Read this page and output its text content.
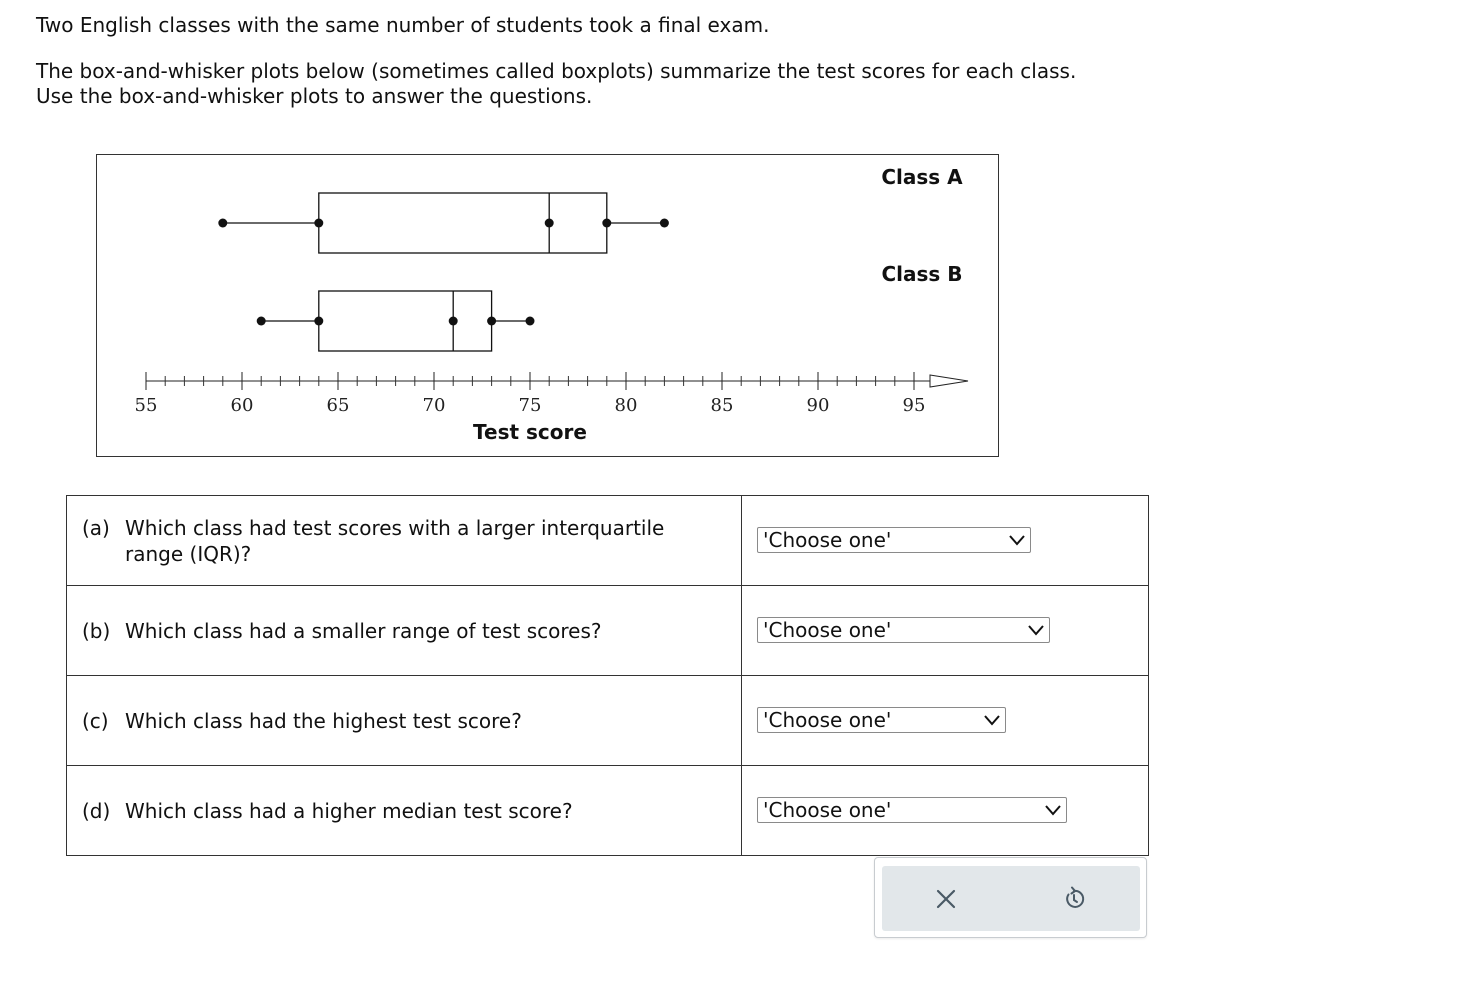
Two English classes with the same number of students took a final exam.

The box-and-whisker plots below (sometimes called boxplots) summarize the test scores for each class.

Use the box-and-whisker plots to answer the questions.

55	60	65	70	75	80	85	90	95
Test score
Class A
Class B
(a) Which class had test scores with a larger interquartile range (IQR)?	'Choose one'

(b) Which class had a smaller range of test scores?	'Choose one'

(c) Which class had the highest test score?	'Choose one'

(d) Which class had a higher median test score?	'Choose one'
